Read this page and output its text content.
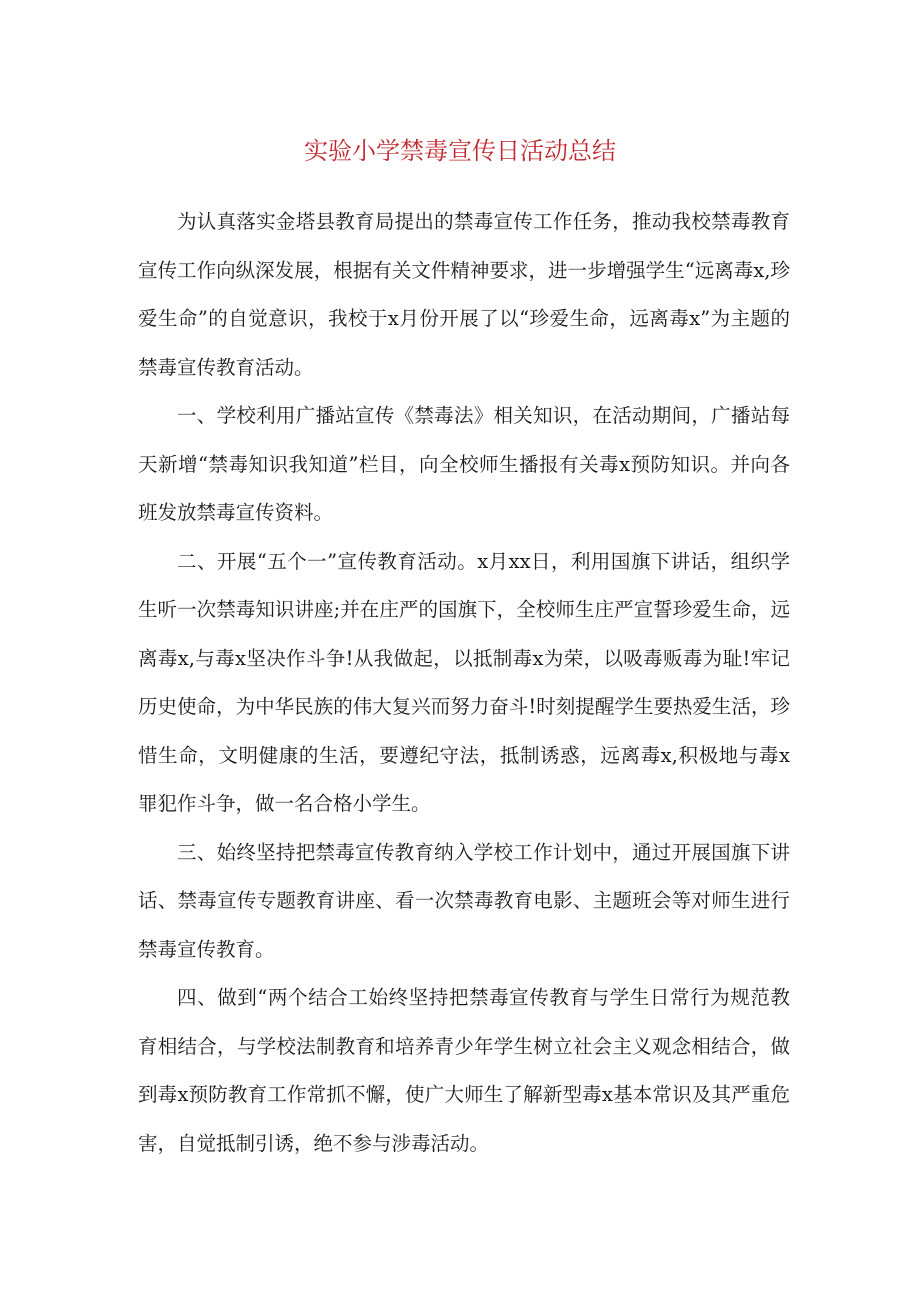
实验小学禁毒宣传日活动总结

为认真落实金塔县教育局提出的禁毒宣传工作任务，推动我校禁毒教育宣传工作向纵深发展，根据有关文件精神要求，进一步增强学生“远离毒x,珍爱生命”的自觉意识，我校于x月份开展了以“珍爱生命，远离毒x”为主题的禁毒宣传教育活动。

一、学校利用广播站宣传《禁毒法》相关知识，在活动期间，广播站每天新增“禁毒知识我知道”栏目，向全校师生播报有关毒x预防知识。并向各班发放禁毒宣传资料。

二、开展“五个一”宣传教育活动。x月xx日，利用国旗下讲话，组织学生听一次禁毒知识讲座;并在庄严的国旗下，全校师生庄严宣誓珍爱生命，远离毒x,与毒x坚决作斗争!从我做起，以抵制毒x为荣，以吸毒贩毒为耻!牢记历史使命，为中华民族的伟大复兴而努力奋斗!时刻提醒学生要热爱生活，珍惜生命，文明健康的生活，要遵纪守法，抵制诱惑，远离毒x,积极地与毒x罪犯作斗争，做一名合格小学生。

三、始终坚持把禁毒宣传教育纳入学校工作计划中，通过开展国旗下讲话、禁毒宣传专题教育讲座、看一次禁毒教育电影、主题班会等对师生进行禁毒宣传教育。

四、做到“两个结合工始终坚持把禁毒宣传教育与学生日常行为规范教育相结合，与学校法制教育和培养青少年学生树立社会主义观念相结合，做到毒x预防教育工作常抓不懈，使广大师生了解新型毒x基本常识及其严重危害，自觉抵制引诱，绝不参与涉毒活动。
